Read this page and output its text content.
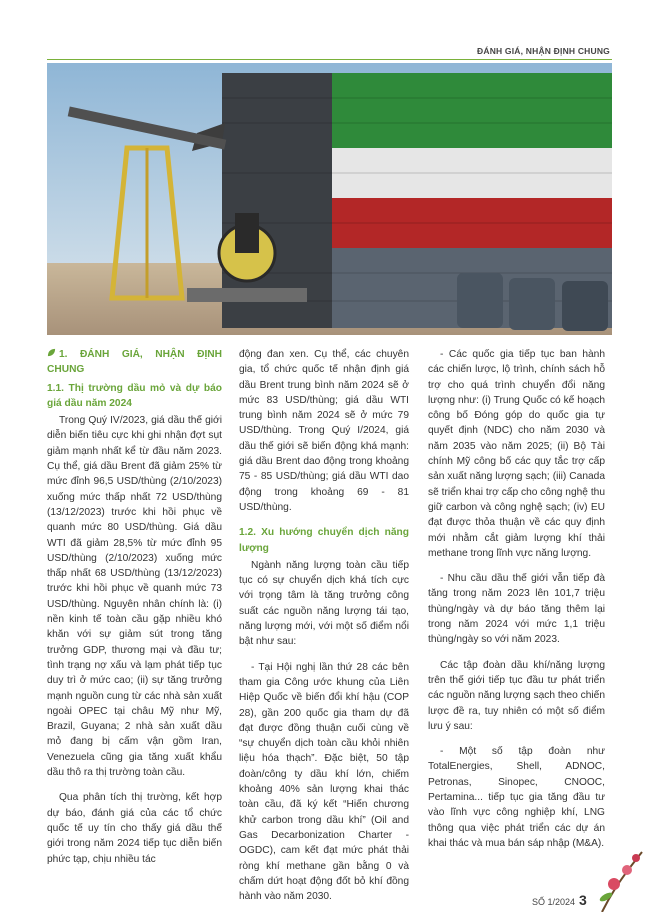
ĐÁNH GIÁ, NHẬN ĐỊNH CHUNG

1. ĐÁNH GIÁ, NHẬN ĐỊNH CHUNG

1.1. Thị trường dầu mỏ và dự báo giá dầu năm 2024

Trong Quý IV/2023, giá dầu thế giới diễn biến tiêu cực khi ghi nhận đợt sụt giảm mạnh nhất kể từ đầu năm 2023. Cụ thể, giá dầu Brent đã giảm 25% từ mức đỉnh 96,5 USD/thùng (2/10/2023) xuống mức thấp nhất 72 USD/thùng (13/12/2023) trước khi hồi phục về quanh mức 80 USD/thùng. Giá dầu WTI đã giảm 28,5% từ mức đỉnh 95 USD/thùng (2/10/2023) xuống mức thấp nhất 68 USD/thùng (13/12/2023) trước khi hồi phục về quanh mức 73 USD/thùng. Nguyên nhân chính là: (i) nền kinh tế toàn cầu gặp nhiều khó khăn với sự giảm sút trong tăng trưởng GDP, thương mại và đầu tư; tình trạng nợ xấu và lạm phát tiếp tục duy trì ở mức cao; (ii) sự tăng trưởng mạnh nguồn cung từ các nhà sản xuất ngoài OPEC tại châu Mỹ như Mỹ, Brazil, Guyana; 2 nhà sản xuất dầu mỏ đang bị cấm vận gồm Iran, Venezuela cũng gia tăng xuất khẩu dầu thô ra thị trường toàn cầu.

Qua phân tích thị trường, kết hợp dự báo, đánh giá của các tổ chức quốc tế uy tín cho thấy giá dầu thế giới trong năm 2024 tiếp tục diễn biến phức tạp, chịu nhiều tác

động đan xen. Cụ thể, các chuyên gia, tổ chức quốc tế nhận định giá dầu Brent trung bình năm 2024 sẽ ở mức 83 USD/thùng; giá dầu WTI trung bình năm 2024 sẽ ở mức 79 USD/thùng. Trong Quý I/2024, giá dầu thế giới sẽ biến động khá mạnh: giá dầu Brent dao động trong khoảng 75 - 85 USD/thùng; giá dầu WTI dao động trong khoảng 69 - 81 USD/thùng.

1.2. Xu hướng chuyển dịch năng lượng

Ngành năng lượng toàn cầu tiếp tục có sự chuyển dịch khá tích cực với trọng tâm là tăng trưởng công suất các nguồn năng lượng tái tạo, năng lượng mới, với một số điểm nổi bật như sau:

- Tại Hội nghị lần thứ 28 các bên tham gia Công ước khung của Liên Hiệp Quốc về biến đổi khí hậu (COP 28), gần 200 quốc gia tham dự đã đạt được đồng thuận cuối cùng về “sự chuyển dịch toàn cầu khỏi nhiên liệu hóa thạch”. Đặc biệt, 50 tập đoàn/công ty dầu khí lớn, chiếm khoảng 40% sản lượng khai thác toàn cầu, đã ký kết “Hiến chương khử carbon trong dầu khí” (Oil and Gas Decarbonization Charter -OGDC), cam kết đạt mức phát thải ròng khí methane gần bằng 0 và chấm dứt hoạt động đốt bỏ khí đồng hành vào năm 2030.

- Các quốc gia tiếp tục ban hành các chiến lược, lộ trình, chính sách hỗ trợ cho quá trình chuyển đổi năng lượng như: (i) Trung Quốc có kế hoạch công bố Đóng góp do quốc gia tự quyết định (NDC) cho năm 2030 và năm 2035 vào năm 2025; (ii) Bộ Tài chính Mỹ công bố các quy tắc trợ cấp sản xuất năng lượng sạch; (iii) Canada sẽ triển khai trợ cấp cho công nghệ thu giữ carbon và công nghệ sạch; (iv) EU đạt được thỏa thuận về các quy định mới nhằm cắt giảm lượng khí thải methane trong lĩnh vực năng lượng.

- Nhu cầu dầu thế giới vẫn tiếp đà tăng trong năm 2023 lên 101,7 triệu thùng/ngày và dự báo tăng thêm lại trong năm 2024 với mức 1,1 triệu thùng/ngày so với năm 2023.

Các tập đoàn dầu khí/năng lượng trên thế giới tiếp tục đầu tư phát triển các nguồn năng lượng sạch theo chiến lược đề ra, tuy nhiên có một số điểm lưu ý sau:

- Một số tập đoàn như TotalEnergies, Shell, ADNOC, Petronas, Sinopec, CNOOC, Pertamina... tiếp tục gia tăng đầu tư vào lĩnh vực công nghiệp khí, LNG thông qua việc phát triển các dự án khai thác và mua bán sáp nhập (M&A).

SỐ 1/2024 3
